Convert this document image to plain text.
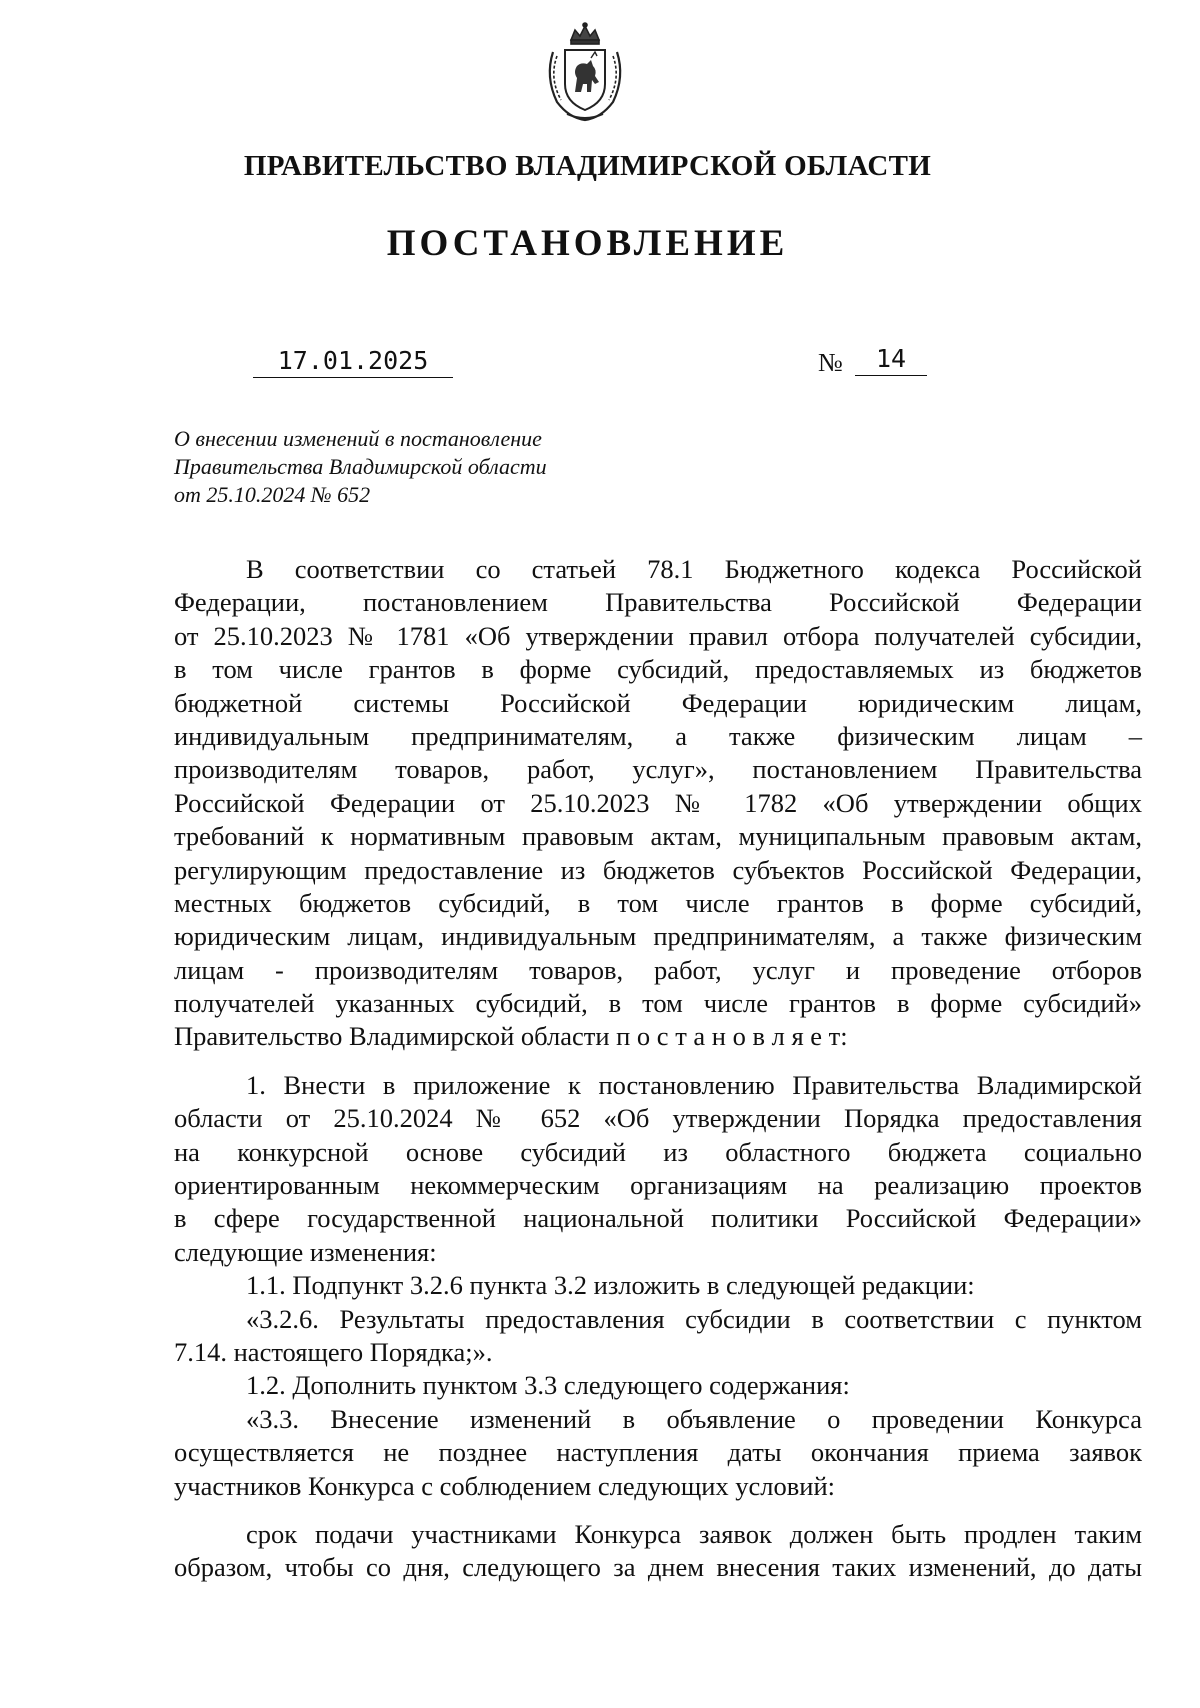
ПРАВИТЕЛЬСТВО ВЛАДИМИРСКОЙ ОБЛАСТИ
ПОСТАНОВЛЕНИЕ
17.01.2025	№	14
О внесении изменений в постановление
Правительства Владимирской области
от 25.10.2024 № 652
В соответствии со статьей 78.1 Бюджетного кодекса Российской
Федерации, постановлением Правительства Российской Федерации
от 25.10.2023 № 1781 «Об утверждении правил отбора получателей субсидии,
в том числе грантов в форме субсидий, предоставляемых из бюджетов
бюджетной системы Российской Федерации юридическим лицам,
индивидуальным предпринимателям, а также физическим лицам –
производителям товаров, работ, услуг», постановлением Правительства
Российской Федерации от 25.10.2023 № 1782 «Об утверждении общих
требований к нормативным правовым актам, муниципальным правовым актам,
регулирующим предоставление из бюджетов субъектов Российской Федерации,
местных бюджетов субсидий, в том числе грантов в форме субсидий,
юридическим лицам, индивидуальным предпринимателям, а также физическим
лицам - производителям товаров, работ, услуг и проведение отборов
получателей указанных субсидий, в том числе грантов в форме субсидий»
Правительство Владимирской области п о с т а н о в л я е т:
1. Внести в приложение к постановлению Правительства Владимирской
области от 25.10.2024 № 652 «Об утверждении Порядка предоставления
на конкурсной основе субсидий из областного бюджета социально
ориентированным некоммерческим организациям на реализацию проектов
в сфере государственной национальной политики Российской Федерации»
следующие изменения:
1.1. Подпункт 3.2.6 пункта 3.2 изложить в следующей редакции:
«3.2.6. Результаты предоставления субсидии в соответствии с пунктом
7.14. настоящего Порядка;».
1.2. Дополнить пунктом 3.3 следующего содержания:
«3.3. Внесение изменений в объявление о проведении Конкурса
осуществляется не позднее наступления даты окончания приема заявок
участников Конкурса с соблюдением следующих условий:
срок подачи участниками Конкурса заявок должен быть продлен таким
образом, чтобы со дня, следующего за днем внесения таких изменений, до даты
